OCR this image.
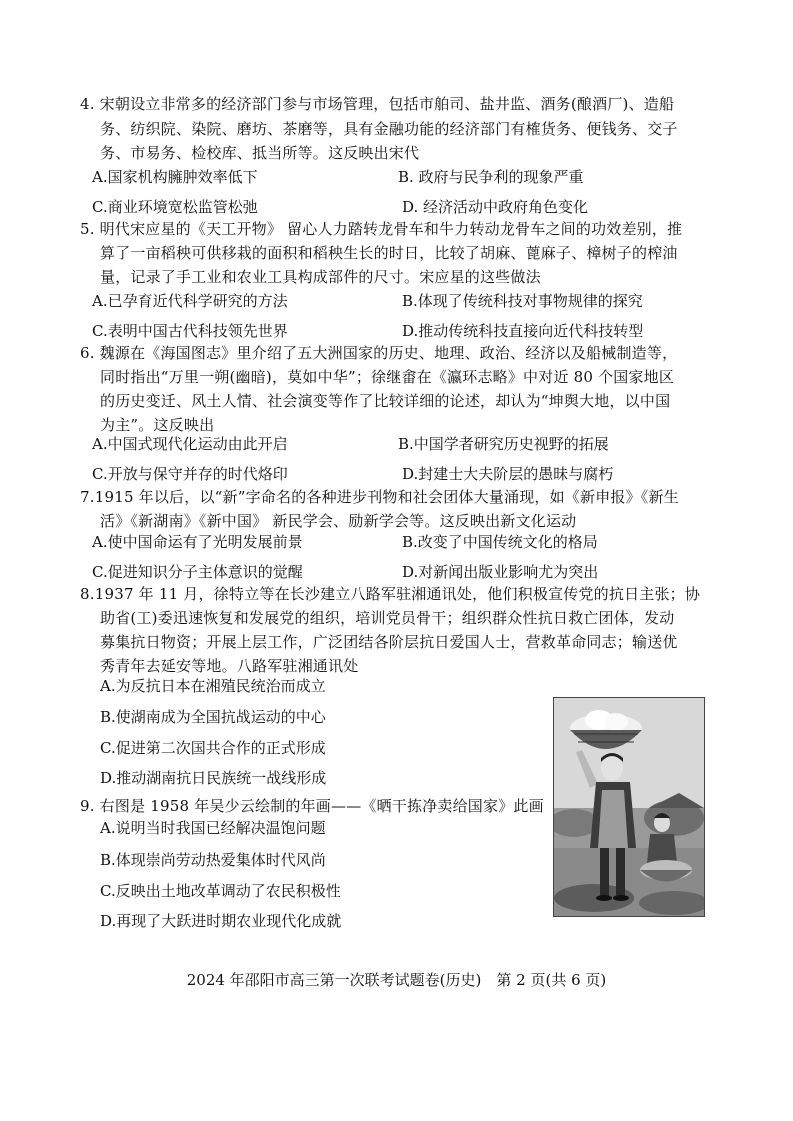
4. 宋朝设立非常多的经济部门参与市场管理，包括市舶司、盐井监、酒务(酿酒厂)、造船
务、纺织院、染院、磨坊、茶磨等，具有金融功能的经济部门有榷货务、便钱务、交子
务、市易务、检校库、抵当所等。这反映出宋代
A.国家机构臃肿效率低下	B. 政府与民争利的现象严重
C.商业环境宽松监管松弛	D. 经济活动中政府角色变化
5. 明代宋应星的《天工开物》 留心人力踏转龙骨车和牛力转动龙骨车之间的功效差别，推
算了一亩稻秧可供移栽的面积和稻秧生长的时日，比较了胡麻、蓖麻子、樟树子的榨油
量，记录了手工业和农业工具构成部件的尺寸。宋应星的这些做法
A.已孕育近代科学研究的方法	B.体现了传统科技对事物规律的探究
C.表明中国古代科技领先世界	D.推动传统科技直接向近代科技转型
6. 魏源在《海国图志》里介绍了五大洲国家的历史、地理、政治、经济以及船械制造等，
同时指出“万里一朔(幽暗)，莫如中华”；徐继畬在《瀛环志略》中对近 80 个国家地区
的历史变迁、风土人情、社会演变等作了比较详细的论述，却认为“坤舆大地，以中国
为主”。这反映出
A.中国式现代化运动由此开启	B.中国学者研究历史视野的拓展
C.开放与保守并存的时代烙印	D.封建士大夫阶层的愚昧与腐朽
7.1915 年以后，以“新”字命名的各种进步刊物和社会团体大量涌现，如《新申报》《新生
活》《新湖南》《新中国》 新民学会、励新学会等。这反映出新文化运动
A.使中国命运有了光明发展前景	B.改变了中国传统文化的格局
C.促进知识分子主体意识的觉醒	D.对新闻出版业影响尤为突出
8.1937 年 11 月，徐特立等在长沙建立八路军驻湘通讯处，他们积极宣传党的抗日主张；协
助省(工)委迅速恢复和发展党的组织，培训党员骨干；组织群众性抗日救亡团体，发动
募集抗日物资；开展上层工作，广泛团结各阶层抗日爱国人士，营救革命同志；输送优
秀青年去延安等地。八路军驻湘通讯处
A.为反抗日本在湘殖民统治而成立
B.使湖南成为全国抗战运动的中心
C.促进第二次国共合作的正式形成
D.推动湖南抗日民族统一战线形成
9. 右图是 1958 年吴少云绘制的年画——《晒干拣净卖给国家》此画
A.说明当时我国已经解决温饱问题
B.体现崇尚劳动热爱集体时代风尚
C.反映出土地改革调动了农民积极性
D.再现了大跃进时期农业现代化成就
2024 年邵阳市高三第一次联考试题卷(历史)　第 2 页(共 6 页)
